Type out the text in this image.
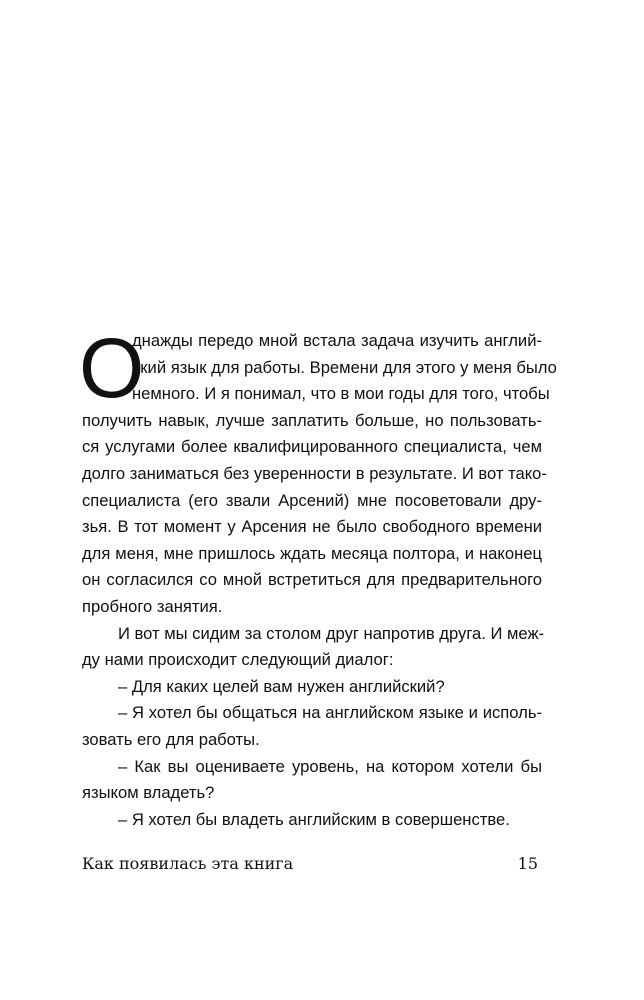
О
днажды передо мной встала задача изучить англий-
ский язык для работы. Времени для этого у меня было
немного. И я понимал, что в мои годы для того, чтобы
получить навык, лучше заплатить больше, но пользовать-
ся услугами более квалифицированного специалиста, чем
долго заниматься без уверенности в результате. И вот тако-
специалиста (его звали Арсений) мне посоветовали дру-
зья. В тот момент у Арсения не было свободного времени
для меня, мне пришлось ждать месяца полтора, и наконец
он согласился со мной встретиться для предварительного
пробного занятия.
И вот мы сидим за столом друг напротив друга. И меж-
ду нами происходит следующий диалог:
– Для каких целей вам нужен английский?
– Я хотел бы общаться на английском языке и исполь-
зовать его для работы.
– Как вы оцениваете уровень, на котором хотели бы
языком владеть?
– Я хотел бы владеть английским в совершенстве.
Как появилась эта книга	15
